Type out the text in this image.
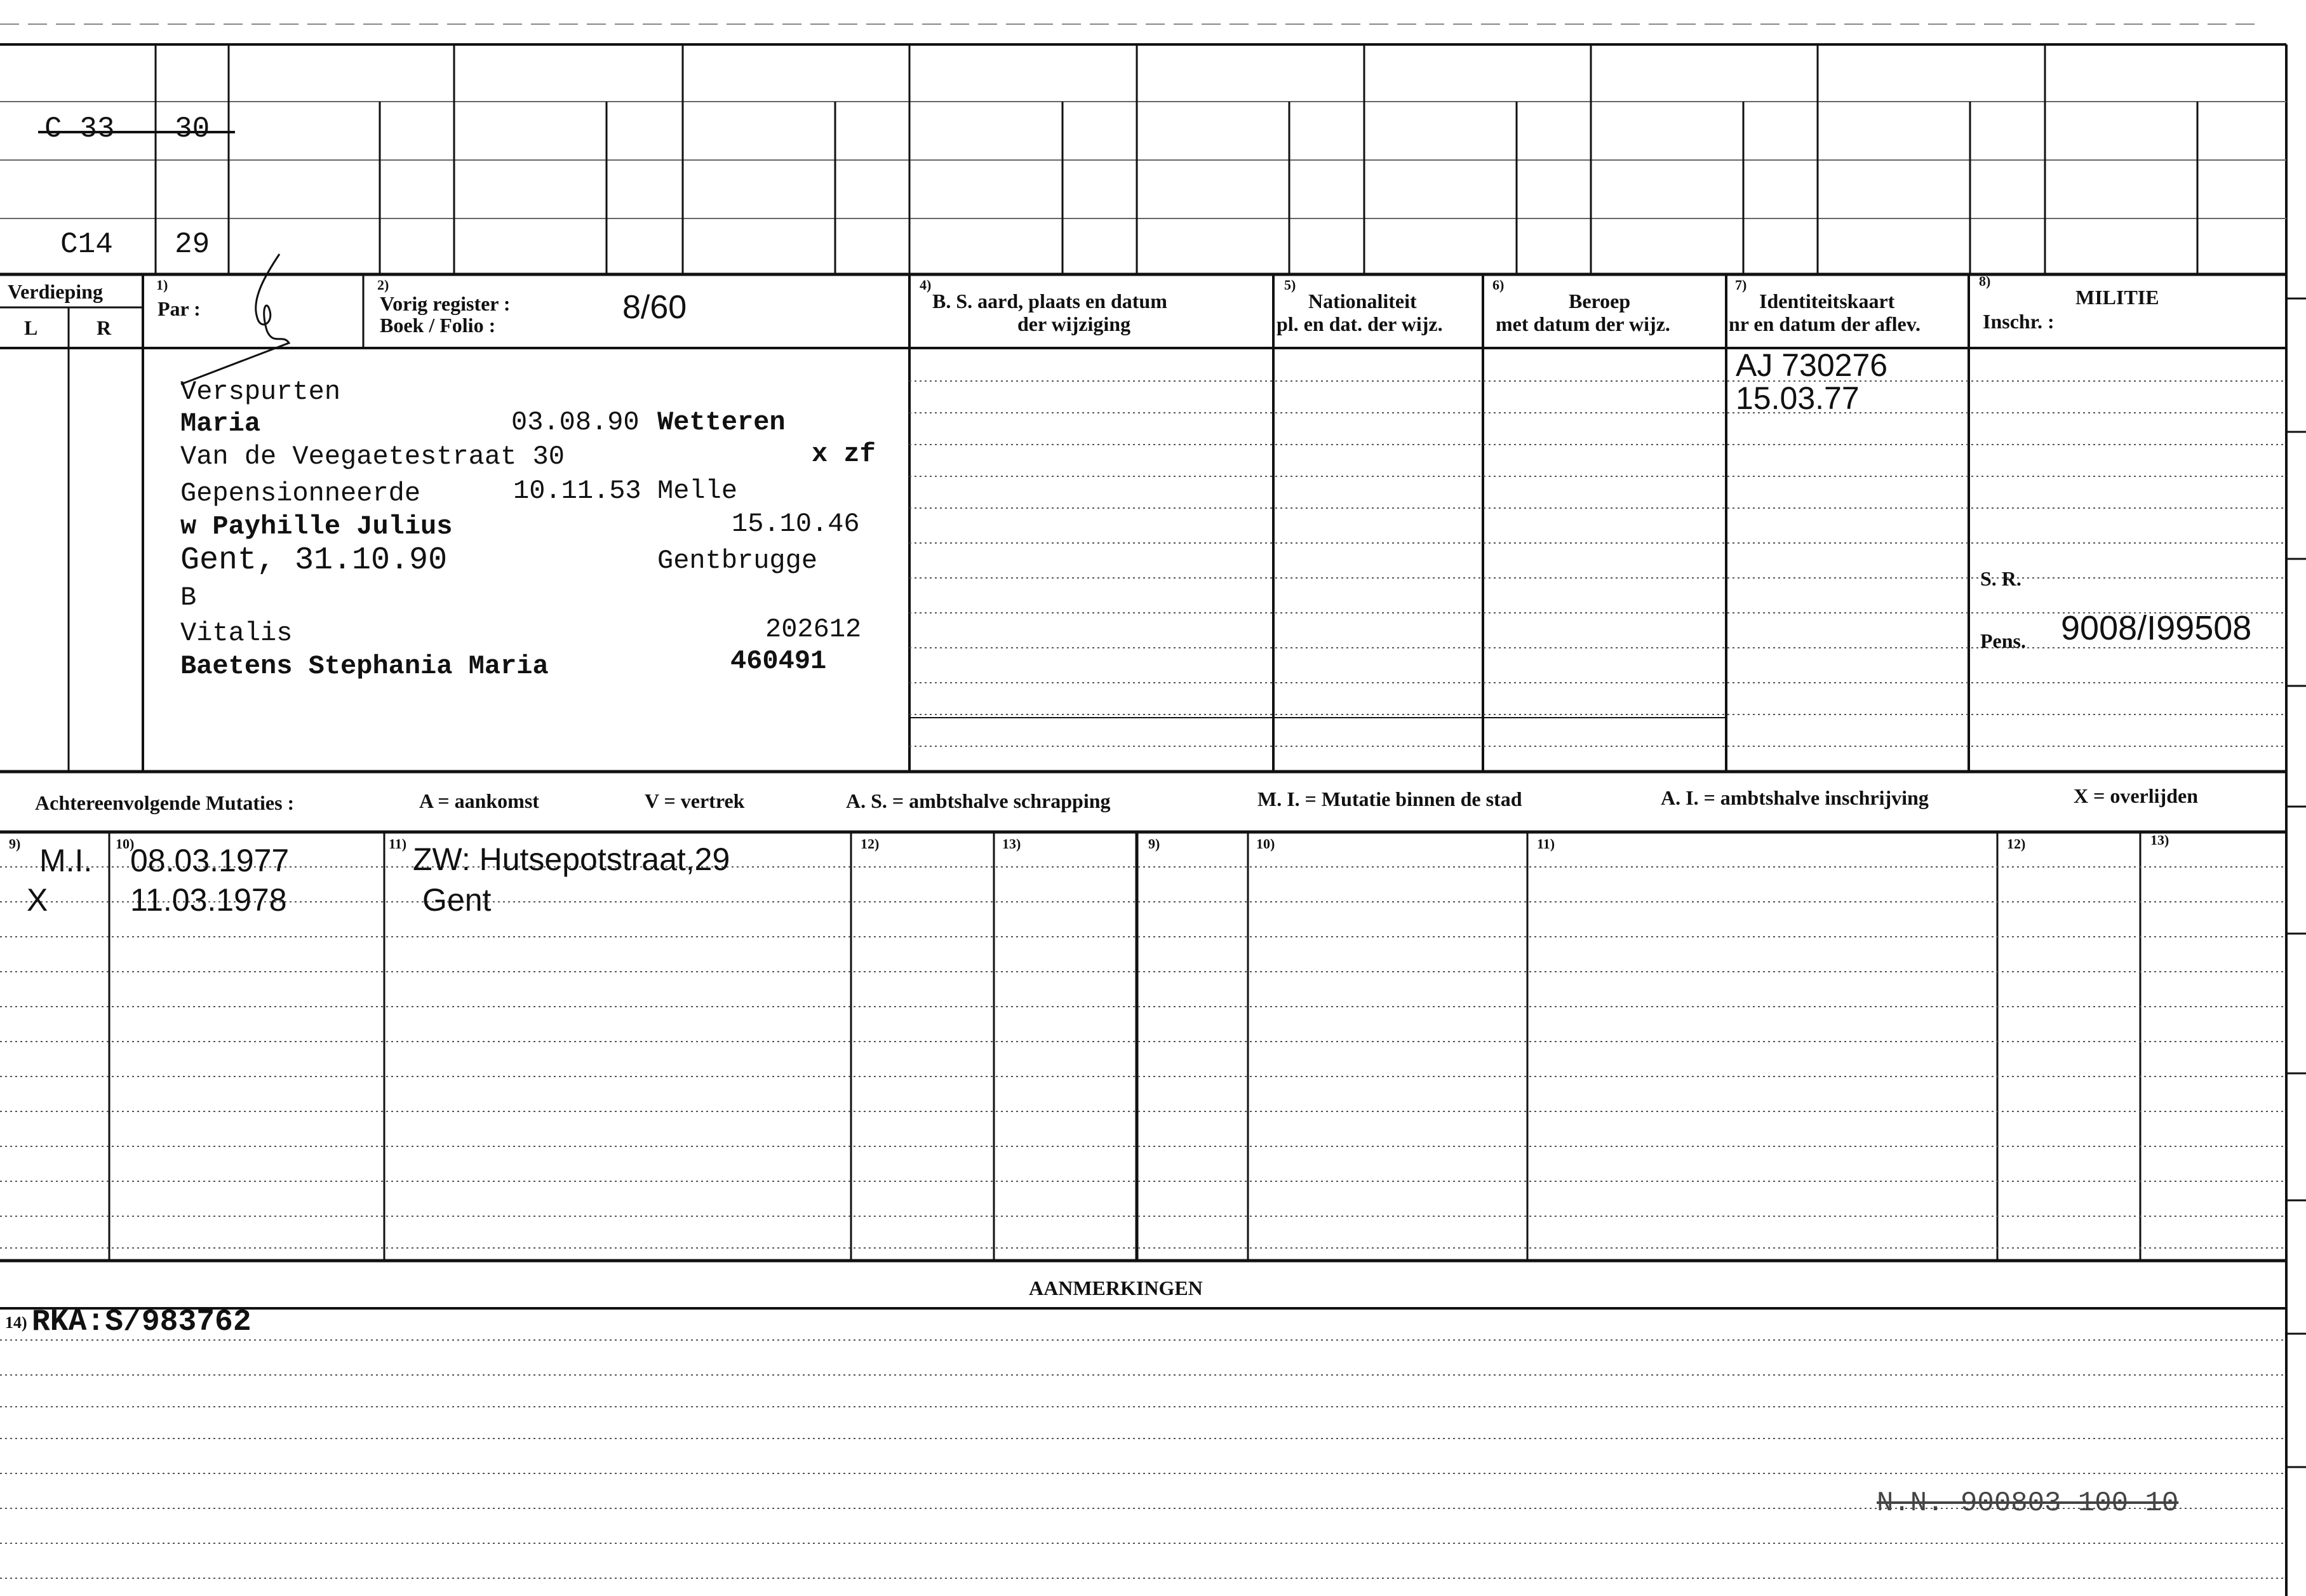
C 33 30
C14 29
Verdieping
L	R
1)
Par :
2)
Vorig register :
Boek / Folio :	8/60
4)
B. S. aard, plaats en datum
der wijziging
5)
Nationaliteit
pl. en dat. der wijz.
6)
Beroep
met datum der wijz.
7)
Identiteitskaart
nr en datum der aflev.
8)
MILITIE
Inschr. :
Verspurten
Maria	03.08.90 Wetteren
Van de Veegaetestraat 30	x zf
Gepensionneerde	10.11.53 Melle
w Payhille Julius	15.10.46
Gent, 31.10.90	Gentbrugge
B
Vitalis	202612
Baetens Stephania Maria	460491
AJ 730276
15.03.77
S. R.
Pens. 9008/I99508
Achtereenvolgende Mutaties :	A = aankomst	V = vertrek	A. S. = ambtshalve schrapping	M. I. = Mutatie binnen de stad	A. I. = ambtshalve inschrijving	X = overlijden
9)	10)	11)	12)	13)	9)	10)	11)	12)	13)
M.I. 08.03.1977	ZW: Hutsepotstraat,29
X	11.03.1978	Gent
AANMERKINGEN
14) RKA:S/983762
N.N. 900803 100 10
